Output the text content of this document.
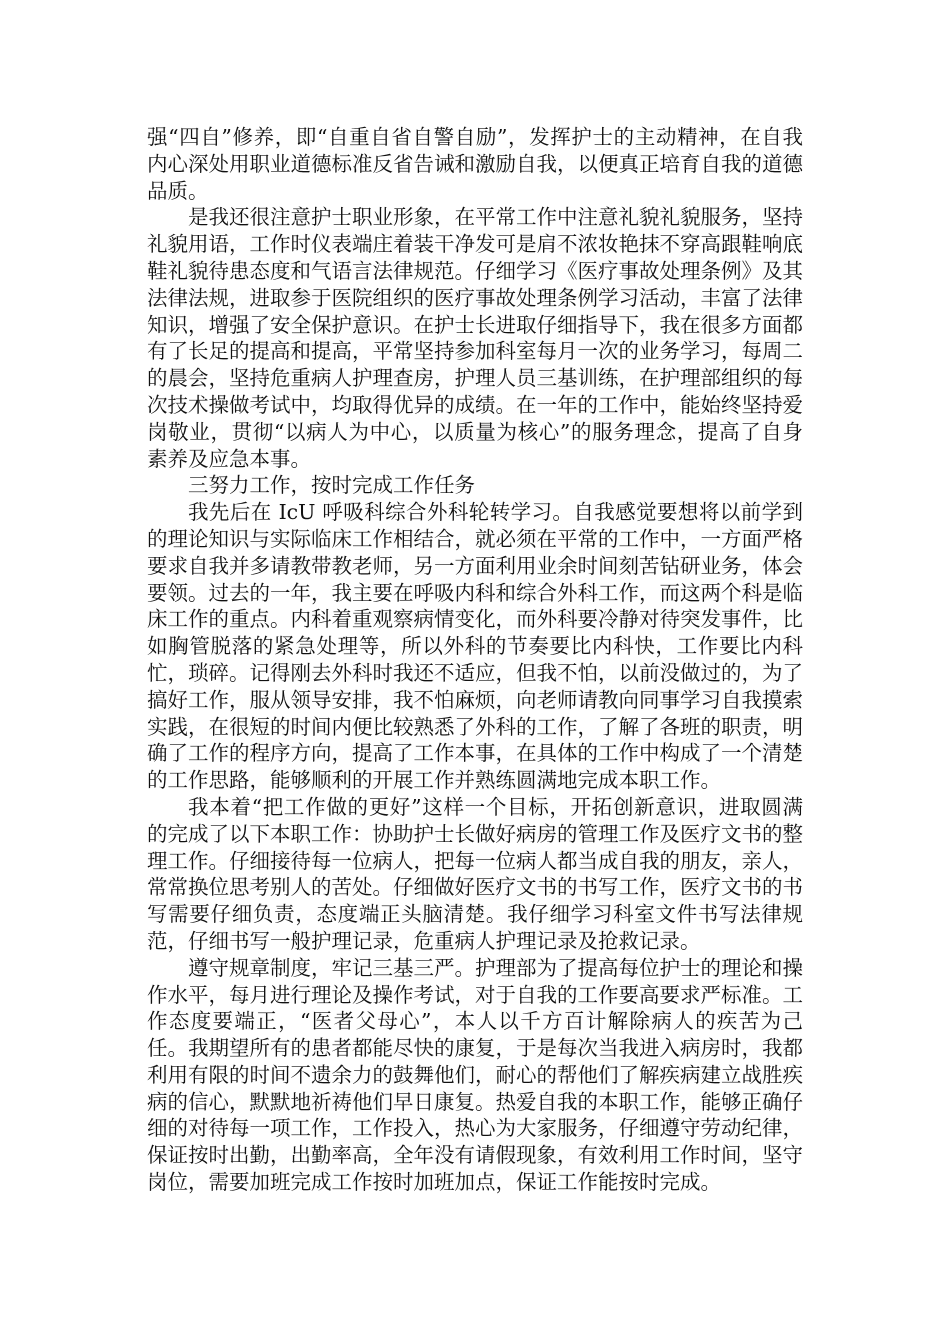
强“四自”修养，即“自重自省自警自励”，发挥护士的主动精神，在自我内心深处用职业道德标准反省告诫和激励自我，以便真正培育自我的道德品质。

是我还很注意护士职业形象，在平常工作中注意礼貌礼貌服务，坚持礼貌用语，工作时仪表端庄着装干净发可是肩不浓妆艳抹不穿高跟鞋响底鞋礼貌待患态度和气语言法律规范。仔细学习《医疗事故处理条例》及其法律法规，进取参于医院组织的医疗事故处理条例学习活动，丰富了法律知识，增强了安全保护意识。在护士长进取仔细指导下，我在很多方面都有了长足的提高和提高，平常坚持参加科室每月一次的业务学习，每周二的晨会，坚持危重病人护理查房，护理人员三基训练，在护理部组织的每次技术操做考试中，均取得优异的成绩。在一年的工作中，能始终坚持爱岗敬业，贯彻“以病人为中心，以质量为核心”的服务理念，提高了自身素养及应急本事。

三努力工作，按时完成工作任务

我先后在 IcU 呼吸科综合外科轮转学习。自我感觉要想将以前学到的理论知识与实际临床工作相结合，就必须在平常的工作中，一方面严格要求自我并多请教带教老师，另一方面利用业余时间刻苦钻研业务，体会要领。过去的一年，我主要在呼吸内科和综合外科工作，而这两个科是临床工作的重点。内科着重观察病情变化，而外科要冷静对待突发事件，比如胸管脱落的紧急处理等，所以外科的节奏要比内科快，工作要比内科忙，琐碎。记得刚去外科时我还不适应，但我不怕，以前没做过的，为了搞好工作，服从领导安排，我不怕麻烦，向老师请教向同事学习自我摸索实践，在很短的时间内便比较熟悉了外科的工作，了解了各班的职责，明确了工作的程序方向，提高了工作本事，在具体的工作中构成了一个清楚的工作思路，能够顺利的开展工作并熟练圆满地完成本职工作。

我本着“把工作做的更好”这样一个目标，开拓创新意识，进取圆满的完成了以下本职工作：协助护士长做好病房的管理工作及医疗文书的整理工作。仔细接待每一位病人，把每一位病人都当成自我的朋友，亲人，常常换位思考别人的苦处。仔细做好医疗文书的书写工作，医疗文书的书写需要仔细负责，态度端正头脑清楚。我仔细学习科室文件书写法律规范，仔细书写一般护理记录，危重病人护理记录及抢救记录。

遵守规章制度，牢记三基三严。护理部为了提高每位护士的理论和操作水平，每月进行理论及操作考试，对于自我的工作要高要求严标准。工作态度要端正，“医者父母心”，本人以千方百计解除病人的疾苦为己任。我期望所有的患者都能尽快的康复，于是每次当我进入病房时，我都利用有限的时间不遗余力的鼓舞他们，耐心的帮他们了解疾病建立战胜疾病的信心，默默地祈祷他们早日康复。热爱自我的本职工作，能够正确仔细的对待每一项工作，工作投入，热心为大家服务，仔细遵守劳动纪律，保证按时出勤，出勤率高，全年没有请假现象，有效利用工作时间，坚守岗位，需要加班完成工作按时加班加点，保证工作能按时完成。
